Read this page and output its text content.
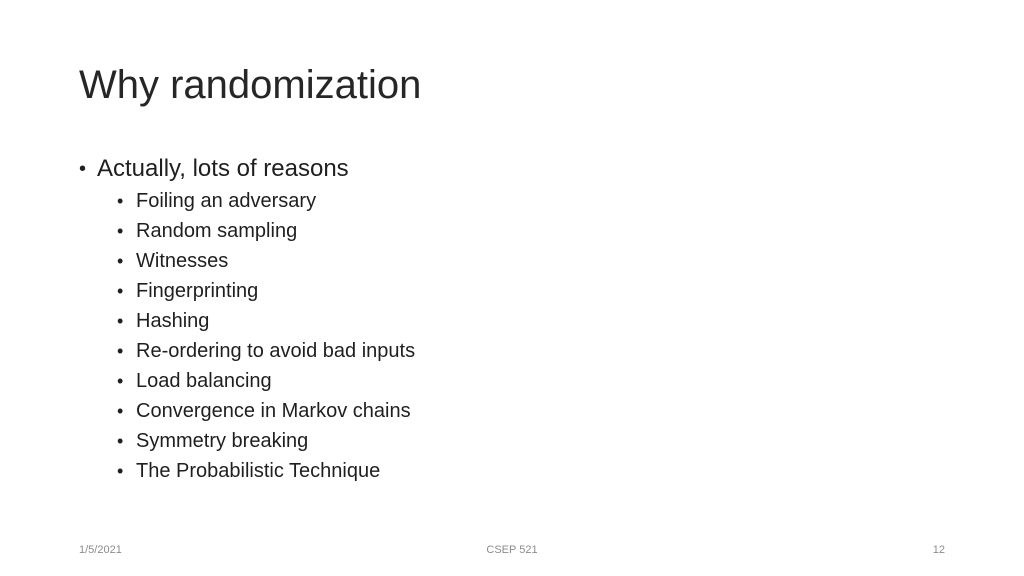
Why randomization
• Actually, lots of reasons
• Foiling an adversary
• Random sampling
• Witnesses
• Fingerprinting
• Hashing
• Re-ordering to avoid bad inputs
• Load balancing
• Convergence in Markov chains
• Symmetry breaking
• The Probabilistic Technique
1/5/2021	CSEP 521	12
